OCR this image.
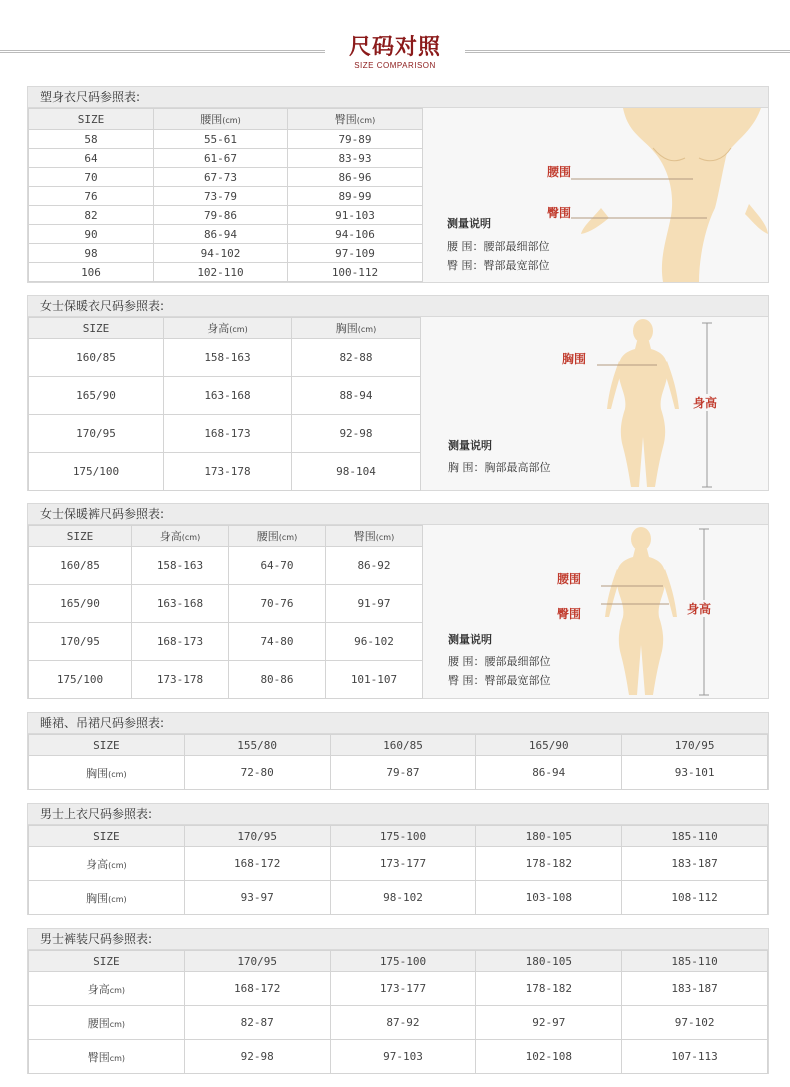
尺码对照
SIZE COMPARISON
塑身衣尺码参照表:
SIZE	腰围(cm)	臀围(cm)
58	55-61	79-89
64	61-67	83-93
70	67-73	86-96
76	73-79	89-99
82	79-86	91-103
90	86-94	94-106
98	94-102	97-109
106	102-110	100-112
腰围
臀围
测量说明
腰 围：腰部最细部位
臀 围：臀部最宽部位
女士保暖衣尺码参照表:
SIZE	身高(cm)	胸围(cm)
160/85	158-163	82-88
165/90	163-168	88-94
170/95	168-173	92-98
175/100	173-178	98-104
胸围
身高
测量说明
胸 围：胸部最高部位
女士保暖裤尺码参照表:
SIZE	身高(cm)	腰围(cm)	臀围(cm)
160/85	158-163	64-70	86-92
165/90	163-168	70-76	91-97
170/95	168-173	74-80	96-102
175/100	173-178	80-86	101-107
腰围
臀围	身高
测量说明
腰 围：腰部最细部位
臀 围：臀部最宽部位
睡裙、吊裙尺码参照表:
SIZE	155/80	160/85	165/90	170/95
胸围(cm)	72-80	79-87	86-94	93-101
男士上衣尺码参照表:
SIZE	170/95	175-100	180-105	185-110
身高(cm)	168-172	173-177	178-182	183-187
胸围(cm)	93-97	98-102	103-108	108-112
男士裤装尺码参照表:
SIZE	170/95	175-100	180-105	185-110
身高cm)	168-172	173-177	178-182	183-187
腰围cm)	82-87	87-92	92-97	97-102
臀围cm)	92-98	97-103	102-108	107-113
